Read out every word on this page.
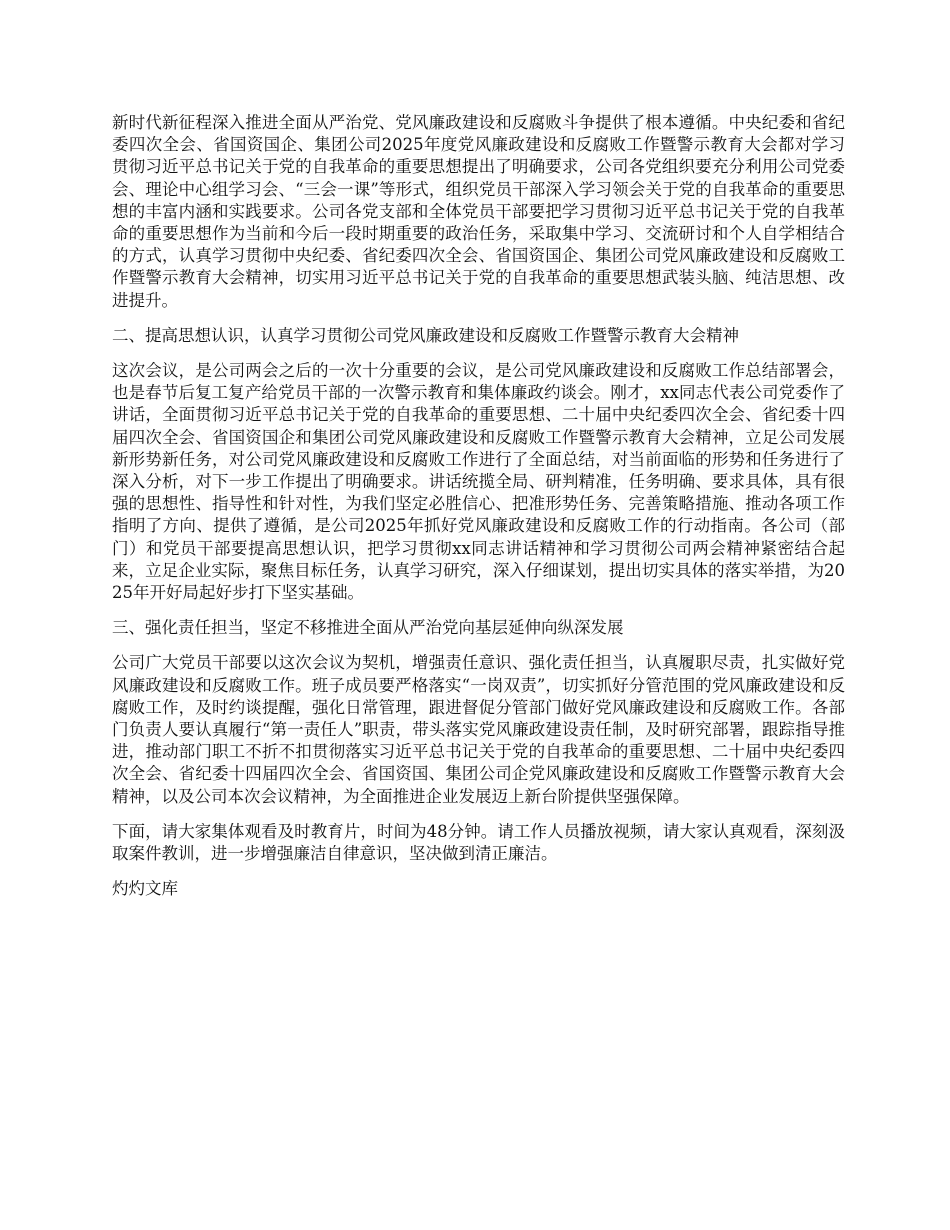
新时代新征程深入推进全面从严治党、党风廉政建设和反腐败斗争提供了根本遵循。中央纪委和省纪委四次全会、省国资国企、集团公司2025年度党风廉政建设和反腐败工作暨警示教育大会都对学习贯彻习近平总书记关于党的自我革命的重要思想提出了明确要求，公司各党组织要充分利用公司党委会、理论中心组学习会、“三会一课”等形式，组织党员干部深入学习领会关于党的自我革命的重要思想的丰富内涵和实践要求。公司各党支部和全体党员干部要把学习贯彻习近平总书记关于党的自我革命的重要思想作为当前和今后一段时期重要的政治任务，采取集中学习、交流研讨和个人自学相结合的方式，认真学习贯彻中央纪委、省纪委四次全会、省国资国企、集团公司党风廉政建设和反腐败工作暨警示教育大会精神，切实用习近平总书记关于党的自我革命的重要思想武装头脑、纯洁思想、改进提升。

二、提高思想认识，认真学习贯彻公司党风廉政建设和反腐败工作暨警示教育大会精神

这次会议，是公司两会之后的一次十分重要的会议，是公司党风廉政建设和反腐败工作总结部署会，也是春节后复工复产给党员干部的一次警示教育和集体廉政约谈会。刚才，xx同志代表公司党委作了讲话，全面贯彻习近平总书记关于党的自我革命的重要思想、二十届中央纪委四次全会、省纪委十四届四次全会、省国资国企和集团公司党风廉政建设和反腐败工作暨警示教育大会精神，立足公司发展新形势新任务，对公司党风廉政建设和反腐败工作进行了全面总结，对当前面临的形势和任务进行了深入分析，对下一步工作提出了明确要求。讲话统揽全局、研判精准，任务明确、要求具体，具有很强的思想性、指导性和针对性，为我们坚定必胜信心、把准形势任务、完善策略措施、推动各项工作指明了方向、提供了遵循，是公司2025年抓好党风廉政建设和反腐败工作的行动指南。各公司（部门）和党员干部要提高思想认识，把学习贯彻xx同志讲话精神和学习贯彻公司两会精神紧密结合起来，立足企业实际，聚焦目标任务，认真学习研究，深入仔细谋划，提出切实具体的落实举措，为2025年开好局起好步打下坚实基础。

三、强化责任担当，坚定不移推进全面从严治党向基层延伸向纵深发展

公司广大党员干部要以这次会议为契机，增强责任意识、强化责任担当，认真履职尽责，扎实做好党风廉政建设和反腐败工作。班子成员要严格落实“一岗双责”，切实抓好分管范围的党风廉政建设和反腐败工作，及时约谈提醒，强化日常管理，跟进督促分管部门做好党风廉政建设和反腐败工作。各部门负责人要认真履行“第一责任人”职责，带头落实党风廉政建设责任制，及时研究部署，跟踪指导推进，推动部门职工不折不扣贯彻落实习近平总书记关于党的自我革命的重要思想、二十届中央纪委四次全会、省纪委十四届四次全会、省国资国、集团公司企党风廉政建设和反腐败工作暨警示教育大会精神，以及公司本次会议精神，为全面推进企业发展迈上新台阶提供坚强保障。

下面，请大家集体观看及时教育片，时间为48分钟。请工作人员播放视频，请大家认真观看，深刻汲取案件教训，进一步增强廉洁自律意识，坚决做到清正廉洁。

灼灼文库
